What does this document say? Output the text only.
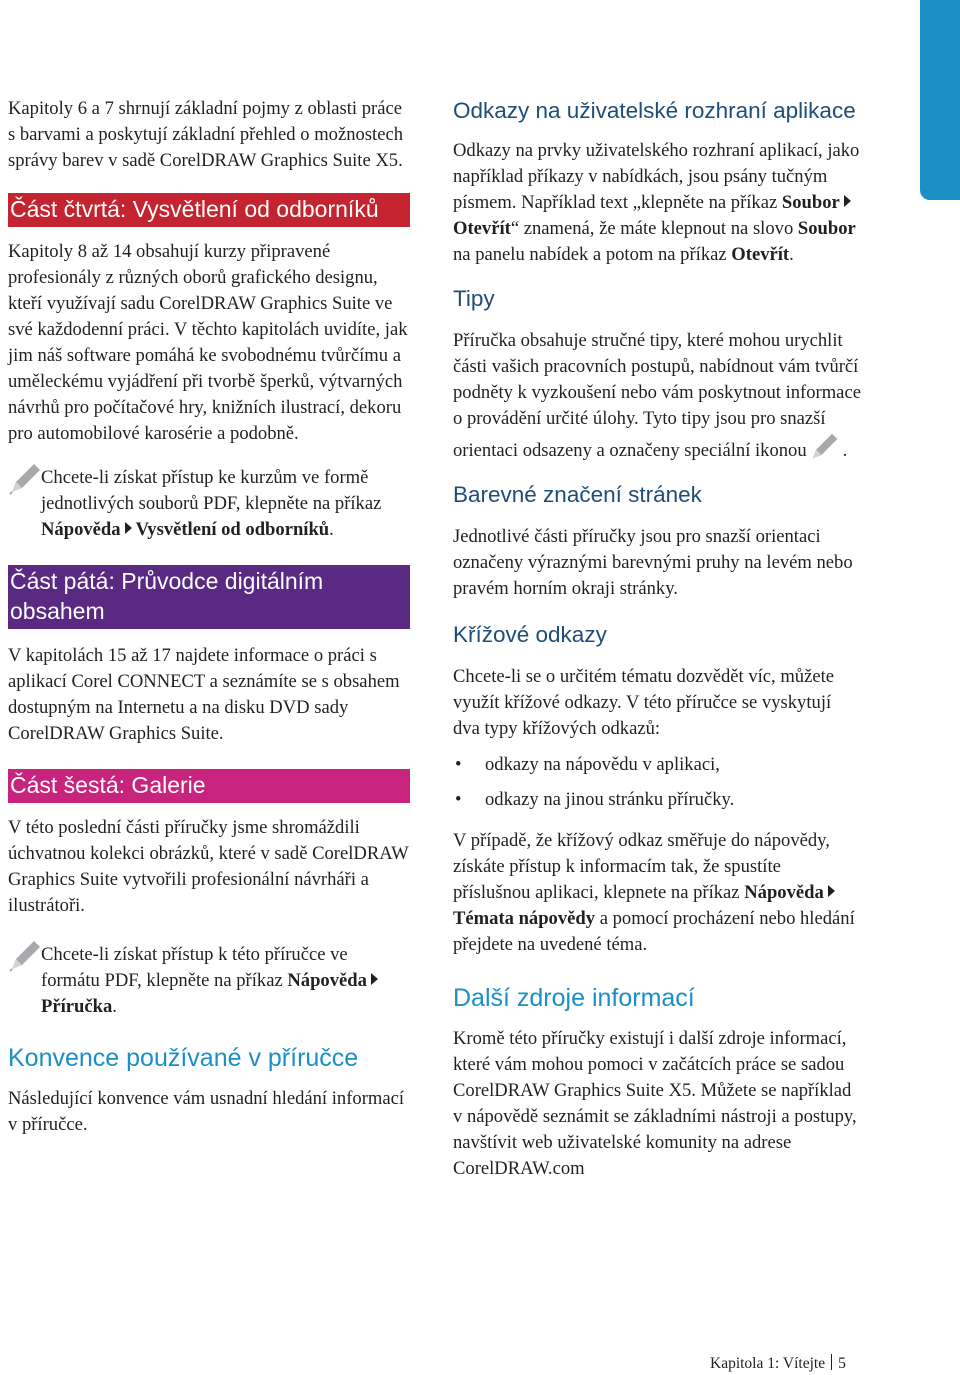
Kapitoly 6 a 7 shrnují základní pojmy z oblasti práce s barvami a poskytují základní přehled o možnostech správy barev v sadě CorelDRAW Graphics Suite X5.

Část čtvrtá: Vysvětlení od odborníků

Kapitoly 8 až 14 obsahují kurzy připravené profesionály z různých oborů grafického designu, kteří využívají sadu CorelDRAW Graphics Suite ve své každodenní práci. V těchto kapitolách uvidíte, jak jim náš software pomáhá ke svobodnému tvůrčímu a uměleckému vyjádření při tvorbě šperků, výtvarných návrhů pro počítačové hry, knižních ilustrací, dekoru pro automobilové karosérie a podobně.

Chcete-li získat přístup ke kurzům ve formě jednotlivých souborů PDF, klepněte na příkaz Nápověda Vysvětlení od odborníků.
Část pátá: Průvodce digitálním obsahem

V kapitolách 15 až 17 najdete informace o práci s aplikací Corel CONNECT a seznámíte se s obsahem dostupným na Internetu a na disku DVD sady CorelDRAW Graphics Suite.

Část šestá: Galerie

V této poslední části příručky jsme shromáždili úchvatnou kolekci obrázků, které v sadě CorelDRAW Graphics Suite vytvořili profesionální návrháři a ilustrátoři.

Chcete-li získat přístup k této příručce ve formátu PDF, klepněte na příkaz NápovědaPříručka.
Konvence používané v příručce

Následující konvence vám usnadní hledání informací v příručce.

Odkazy na uživatelské rozhraní aplikace

Odkazy na prvky uživatelského rozhraní aplikací, jako například příkazy v nabídkách, jsou psány tučným písmem. Například text „klepněte na příkaz SouborOtevřít“ znamená, že máte klepnout na slovo Soubor na panelu nabídek a potom na příkaz Otevřít.

Tipy

Příručka obsahuje stručné tipy, které mohou urychlit části vašich pracovních postupů, nabídnout vám tvůrčí podněty k vyzkoušení nebo vám poskytnout informace o provádění určité úlohy. Tyto tipy jsou pro snazší orientaci odsazeny a označeny speciální ikonou .

Barevné značení stránek

Jednotlivé části příručky jsou pro snazší orientaci označeny výraznými barevnými pruhy na levém nebo pravém horním okraji stránky.

Křížové odkazy

Chcete-li se o určitém tématu dozvědět víc, můžete využít křížové odkazy. V této příručce se vyskytují dva typy křížových odkazů:

• odkazy na nápovědu v aplikaci,
• odkazy na jinou stránku příručky.

V případě, že křížový odkaz směřuje do nápovědy, získáte přístup k informacím tak, že spustíte příslušnou aplikaci, klepnete na příkaz NápovědaTémata nápovědy a pomocí procházení nebo hledání přejdete na uvedené téma.

Další zdroje informací

Kromě této příručky existují i další zdroje informací, které vám mohou pomoci v začátcích práce se sadou CorelDRAW Graphics Suite X5. Můžete se například v nápovědě seznámit se základními nástroji a postupy, navštívit web uživatelské komunity na adrese CorelDRAW.com

Kapitola 1: Vítejte 5
